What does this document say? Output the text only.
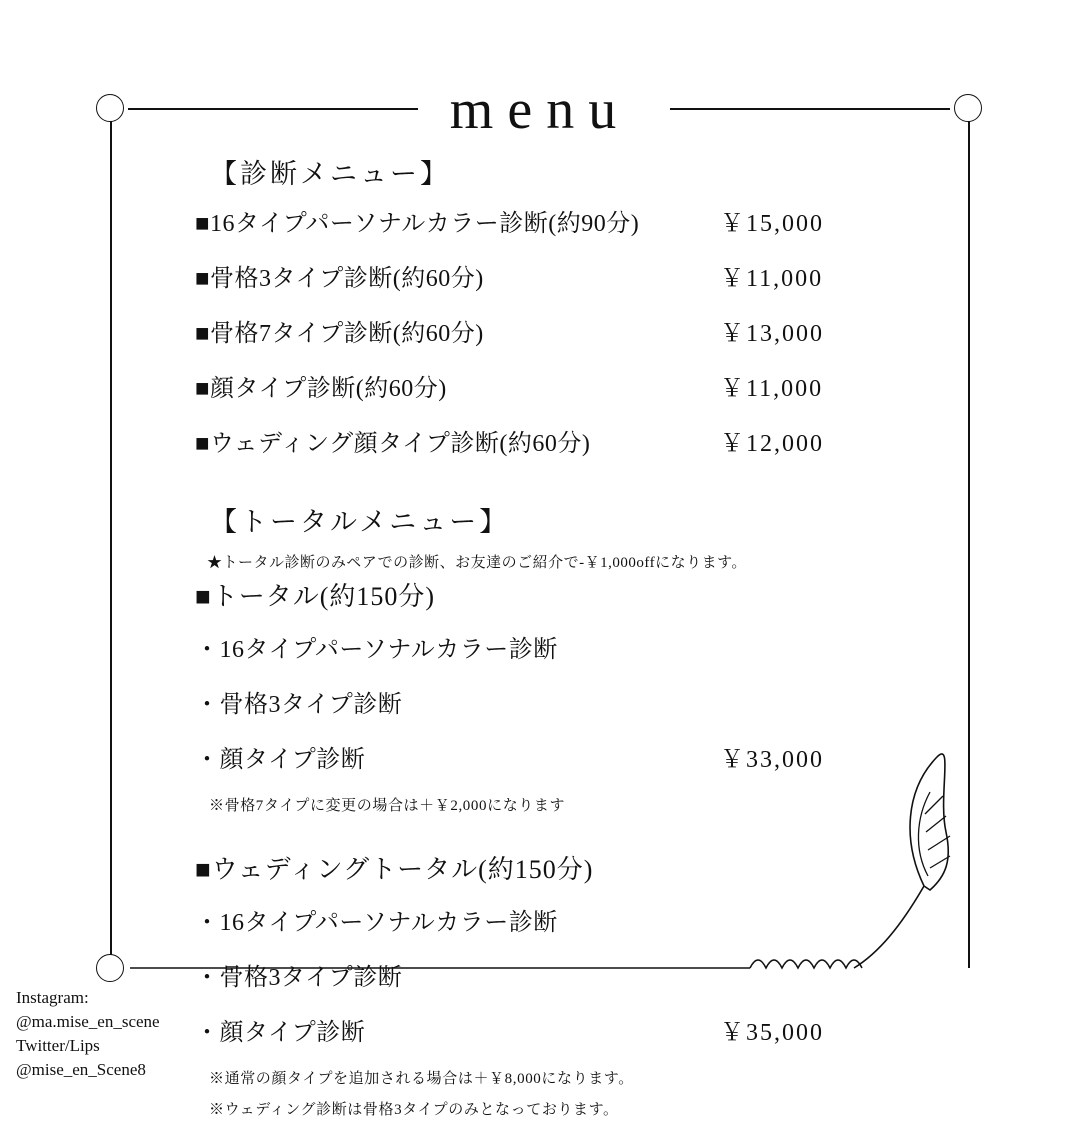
menu
【診断メニュー】
■16タイプパーソナルカラー診断(約90分)	￥15,000
■骨格3タイプ診断(約60分)	￥11,000
■骨格7タイプ診断(約60分)	￥13,000
■顔タイプ診断(約60分)	￥11,000
■ウェディング顔タイプ診断(約60分)	￥12,000
【トータルメニュー】
★トータル診断のみペアでの診断、お友達のご紹介で-￥1,000offになります。
■トータル(約150分)
・16タイプパーソナルカラー診断
・骨格3タイプ診断
・顔タイプ診断	￥33,000
※骨格7タイプに変更の場合は＋￥2,000になります
■ウェディングトータル(約150分)
・16タイプパーソナルカラー診断
・骨格3タイプ診断
・顔タイプ診断	￥35,000
※通常の顔タイプを追加される場合は＋￥8,000になります。
※ウェディング診断は骨格3タイプのみとなっております。
Instagram:
@ma.mise_en_scene
Twitter/Lips
@mise_en_Scene8
